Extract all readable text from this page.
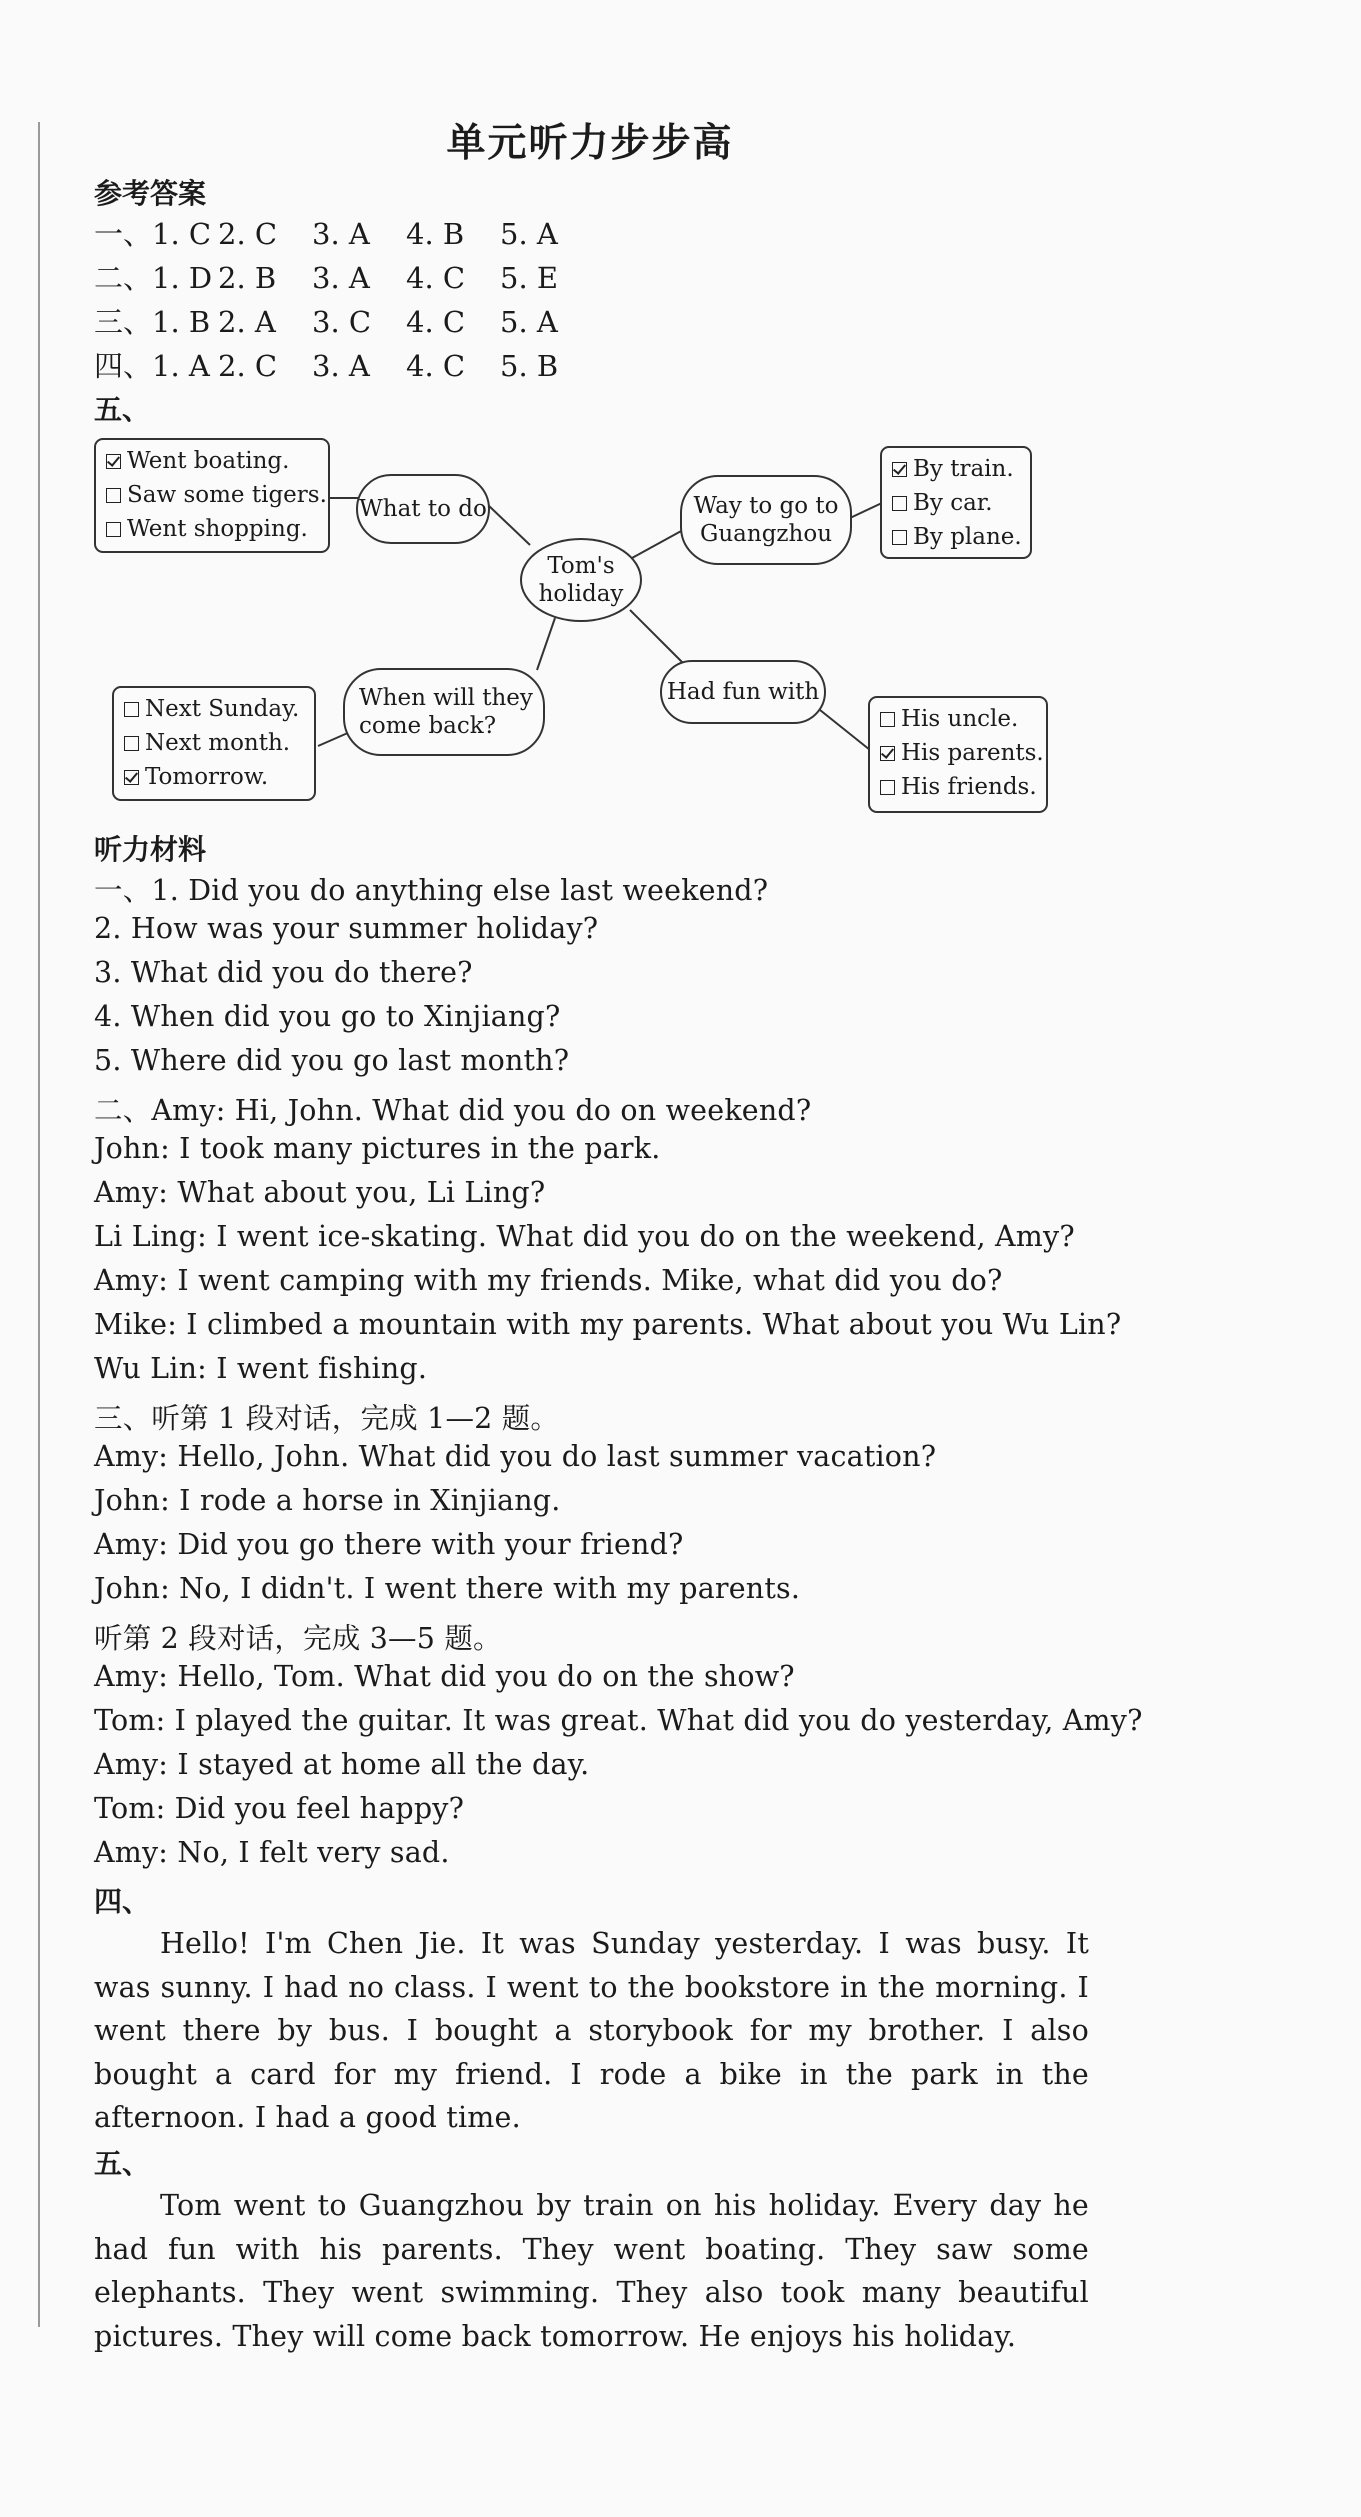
单元听力步步高
参考答案
一、1. C 2. C 3. A 4. B 5. A
二、1. D 2. B 3. A 4. C 5. E
三、1. B 2. A 3. C 4. C 5. A
四、1. A 2. C 3. A 4. C 5. B
五、
Went boating.
Saw some tigers.
Went shopping.
What to do
Tom's
holiday
Way to go to
Guangzhou
By train.
By car.
By plane.
When will they
come back?
Next Sunday.
Next month.
Tomorrow.
Had fun with
His uncle.
His parents.
His friends.
听力材料
一、1. Did you do anything else last weekend?
2. How was your summer holiday?
3. What did you do there?
4. When did you go to Xinjiang?
5. Where did you go last month?
二、Amy: Hi, John. What did you do on weekend?
John: I took many pictures in the park.
Amy: What about you, Li Ling?
Li Ling: I went ice-skating. What did you do on the weekend, Amy?
Amy: I went camping with my friends. Mike, what did you do?
Mike: I climbed a mountain with my parents. What about you Wu Lin?
Wu Lin: I went fishing.
三、听第 1 段对话，完成 1—2 题。
Amy: Hello, John. What did you do last summer vacation?
John: I rode a horse in Xinjiang.
Amy: Did you go there with your friend?
John: No, I didn't. I went there with my parents.
听第 2 段对话，完成 3—5 题。
Amy: Hello, Tom. What did you do on the show?
Tom: I played the guitar. It was great. What did you do yesterday, Amy?
Amy: I stayed at home all the day.
Tom: Did you feel happy?
Amy: No, I felt very sad.
四、
Hello! I'm Chen Jie. It was Sunday yesterday. I was busy. It was sunny. I had no class. I went to the bookstore in the morning. I went there by bus. I bought a storybook for my brother. I also bought a card for my friend. I rode a bike in the park in the afternoon. I had a good time.
五、
Tom went to Guangzhou by train on his holiday. Every day he had fun with his parents. They went boating. They saw some elephants. They went swimming. They also took many beautiful pictures. They will come back tomorrow. He enjoys his holiday.
